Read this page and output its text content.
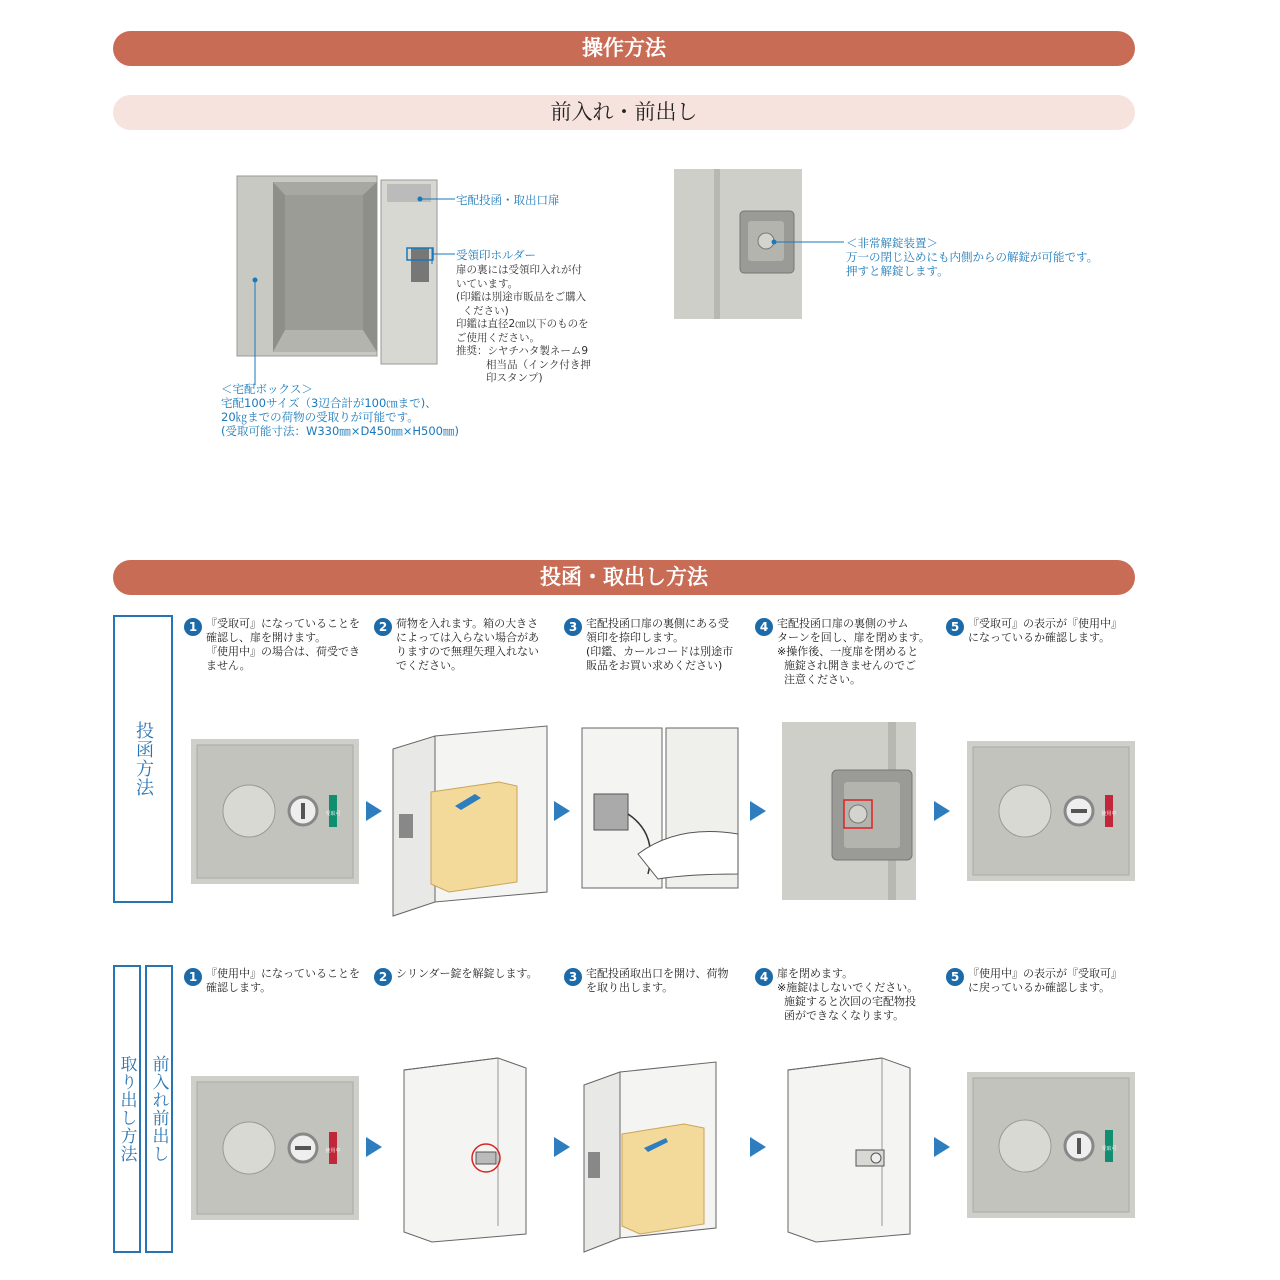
操作方法
前入れ・前出し
宅配投函・取出口扉
受領印ホルダー
扉の裏には受領印入れが付
いています。
(印鑑は別途市販品をご購入
ください)
印鑑は直径2㎝以下のものを
ご使用ください。
推奨：シヤチハタ製ネーム9
相当品（インク付き押
印スタンプ)
＜宅配ボックス＞
宅配100サイズ（3辺合計が100㎝まで)、
20㎏までの荷物の受取りが可能です。
(受取可能寸法：W330㎜×D450㎜×H500㎜)
＜非常解錠装置＞
万一の閉じ込めにも内側からの解錠が可能です。
押すと解錠します。
投函・取出し方法
投函方法
1 『受取可』になっていることを
確認し、扉を開けます。
『使用中』の場合は、荷受でき
ません。
2 荷物を入れます。箱の大きさ
によっては入らない場合があ
りますので無理矢理入れない
でください。
3 宅配投函口扉の裏側にある受
領印を捺印します。
(印鑑、カールコードは別途市
販品をお買い求めください)
4 宅配投函口扉の裏側のサム
ターンを回し、扉を閉めます。
※操作後、一度扉を閉めると
施錠され開きませんのでご
注意ください。
5 『受取可』の表示が『使用中』
になっているか確認します。
受取可	使用中
取り出し方法 前入れ前出し
1 『使用中』になっていることを
確認します。
2 シリンダー錠を解錠します。	3 宅配投函取出口を開け、荷物
を取り出します。
4 扉を閉めます。
※施錠はしないでください。
施錠すると次回の宅配物投
函ができなくなります。
5 『使用中』の表示が『受取可』
に戻っているか確認します。
使用中	受取可
